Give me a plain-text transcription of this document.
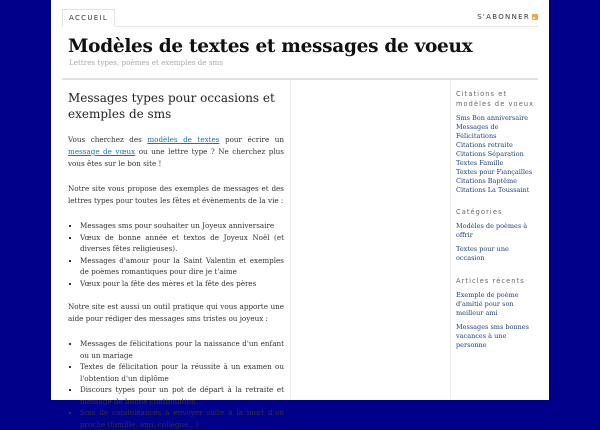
ACCUEIL	S'ABONNER
Modèles de textes et messages de voeux
Lettres types, poèmes et exemples de sms
Messages types pour occasions et exemples de sms

Vous cherchez des modèles de textes pour écrire un message de vœux ou une lettre type ? Ne cherchez plus vous êtes sur le bon site !

Notre site vous propose des exemples de messages et des lettres types pour toutes les fêtes et évènements de la vie :

▪ Messages sms pour souhaiter un Joyeux anniversaire
▪ Vœux de bonne année et textos de Joyeux Noël (et diverses fêtes religieuses).
▪ Messages d'amour pour la Saint Valentin et exemples de poèmes romantiques pour dire je t'aime
▪ Vœux pour la fête des mères et la fête des pères

Notre site est aussi un outil pratique qui vous apporte une aide pour rédiger des messages sms tristes ou joyeux :

▪ Messages de félicitations pour la naissance d'un enfant ou un mariage
▪ Textes de félicitation pour la réussite à un examen ou l'obtention d'un diplôme
▪ Discours types pour un pot de départ à la retraite et message de bonne continuation.
▪ Sms de condoléances à envoyer suite à la mort d'un proche (famille, ami, collègue...)
Citations et modèles de voeux
Sms Bon anniversaire
Messages de Félicitations
Citations retraite
Citations Séparation
Textes Famille
Textes pour Fiançailles
Citations Baptême
Citations La Toussaint
Catégories
Modèles de poèmes à offrir
Textes pour une occasion
Articles récents
Exemple de poème d'amitié pour son meilleur ami
Messages sms bonnes vacances à une personne
